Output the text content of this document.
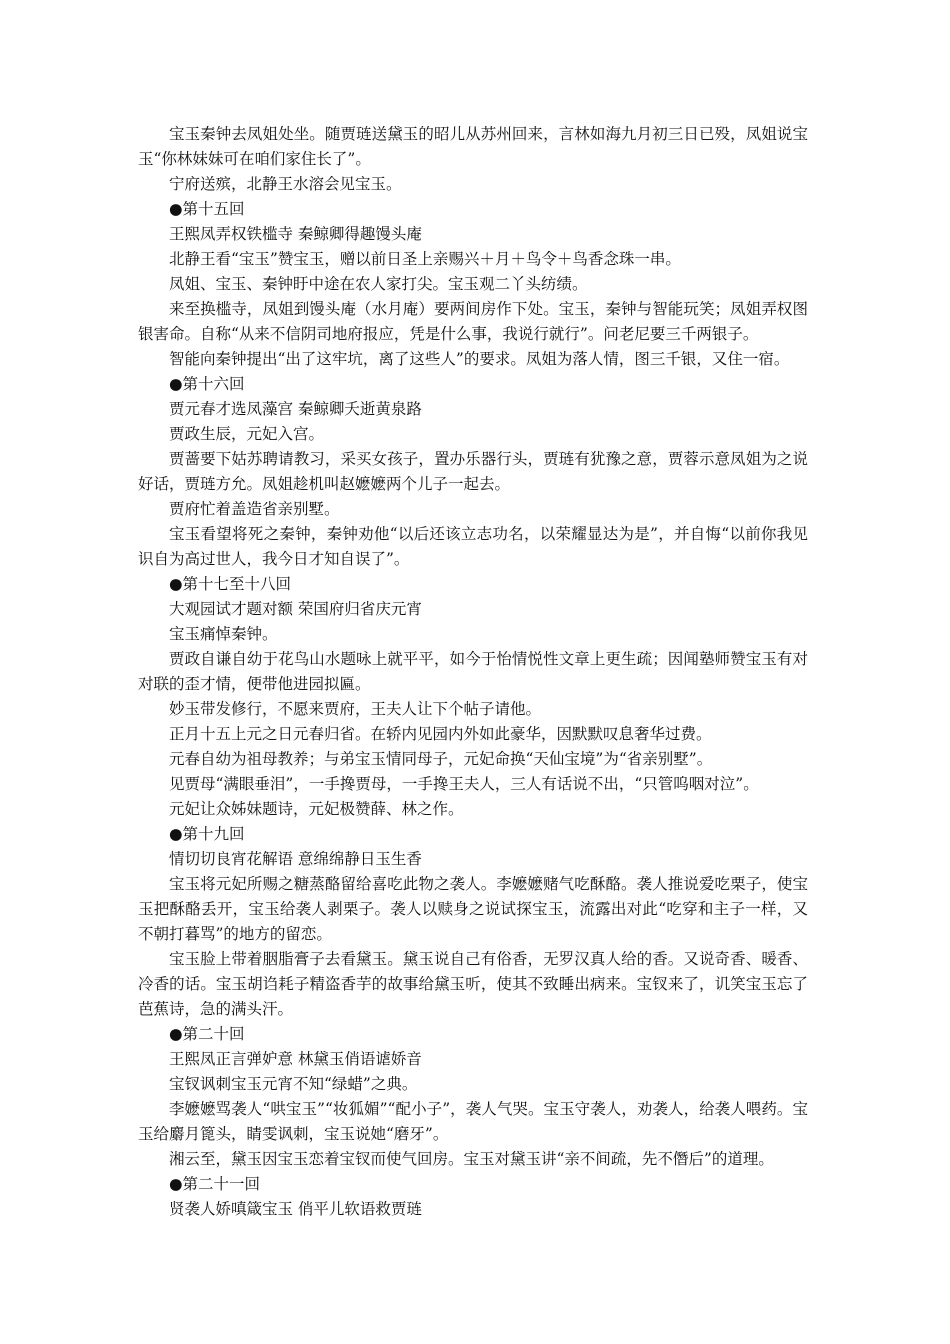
宝玉秦钟去凤姐处坐。随贾琏送黛玉的昭儿从苏州回来，言林如海九月初三日已殁，凤姐说宝玉“你林妹妹可在咱们家住长了”。

宁府送殡，北静王水溶会见宝玉。

●第十五回

王熙凤弄权铁槛寺 秦鲸卿得趣馒头庵

北静王看“宝玉”赞宝玉，赠以前日圣上亲赐兴＋月＋鸟令＋鸟香念珠一串。

凤姐、宝玉、秦钟盱中途在农人家打尖。宝玉观二丫头纺绩。

来至换槛寺，凤姐到馒头庵（水月庵）要两间房作下处。宝玉，秦钟与智能玩笑；凤姐弄权图银害命。自称“从来不信阴司地府报应，凭是什么事，我说行就行”。问老尼要三千两银子。

智能向秦钟提出“出了这牢坑，离了这些人”的要求。凤姐为落人情，图三千银，又住一宿。

●第十六回

贾元春才选凤藻宫 秦鲸卿夭逝黄泉路

贾政生辰，元妃入宫。

贾蔷要下姑苏聘请教习，采买女孩子，置办乐器行头，贾琏有犹豫之意，贾蓉示意凤姐为之说好话，贾琏方允。凤姐趁机叫赵嬷嬷两个儿子一起去。

贾府忙着盖造省亲别墅。

宝玉看望将死之秦钟，秦钟劝他“以后还该立志功名，以荣耀显达为是”，并自悔“以前你我见识自为高过世人，我今日才知自误了”。

●第十七至十八回

大观园试才题对额 荣国府归省庆元宵

宝玉痛悼秦钟。

贾政自谦自幼于花鸟山水题咏上就平平，如今于怡情悦性文章上更生疏；因闻塾师赞宝玉有对对联的歪才情，便带他进园拟匾。

妙玉带发修行，不愿来贾府，王夫人让下个帖子请他。

正月十五上元之日元春归省。在轿内见园内外如此豪华，因默默叹息奢华过费。

元春自幼为祖母教养；与弟宝玉情同母子，元妃命换“天仙宝境”为“省亲别墅”。

见贾母“满眼垂泪”，一手搀贾母，一手搀王夫人，三人有话说不出，“只管呜咽对泣”。

元妃让众姊妹题诗，元妃极赞薛、林之作。

●第十九回

情切切良宵花解语 意绵绵静日玉生香

宝玉将元妃所赐之糖蒸酪留给喜吃此物之袭人。李嬷嬷赌气吃酥酪。袭人推说爱吃栗子，使宝玉把酥酪丢开，宝玉给袭人剥栗子。袭人以赎身之说试探宝玉，流露出对此“吃穿和主子一样，又不朝打暮骂”的地方的留恋。

宝玉脸上带着胭脂膏子去看黛玉。黛玉说自己有俗香，无罗汉真人给的香。又说奇香、暖香、冷香的话。宝玉胡诌耗子精盗香芋的故事给黛玉听，使其不致睡出病来。宝钗来了，讥笑宝玉忘了芭蕉诗，急的满头汗。

●第二十回

王熙凤正言弹妒意 林黛玉俏语谑娇音

宝钗讽刺宝玉元宵不知“绿蜡”之典。

李嬷嬷骂袭人“哄宝玉”“妆狐媚”“配小子”，袭人气哭。宝玉守袭人，劝袭人，给袭人喂药。宝玉给麝月篦头，睛雯讽刺，宝玉说她“磨牙”。

湘云至，黛玉因宝玉恋着宝钗而使气回房。宝玉对黛玉讲“亲不间疏，先不僭后”的道理。

●第二十一回

贤袭人娇嗔箴宝玉 俏平儿软语救贾琏
